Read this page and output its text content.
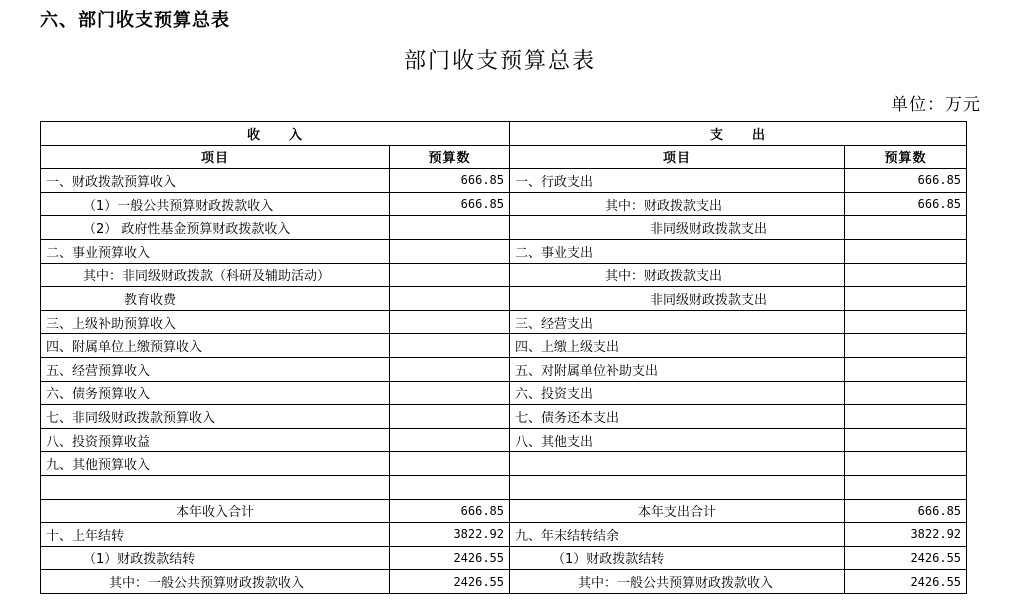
六、部门收支预算总表
部门收支预算总表
单位：万元
收　　入		支　　出	
项目	预算数	项目	预算数
一、财政拨款预算收入	666.85	一、行政支出	666.85
（1）一般公共预算财政拨款收入	666.85	其中：财政拨款支出	666.85
（2） 政府性基金预算财政拨款收入		非同级财政拨款支出	
二、事业预算收入		二、事业支出	
其中：非同级财政拨款（科研及辅助活动）		其中：财政拨款支出	
教育收费		非同级财政拨款支出	
三、上级补助预算收入		三、经营支出	
四、附属单位上缴预算收入		四、上缴上级支出	
五、经营预算收入		五、对附属单位补助支出	
六、债务预算收入		六、投资支出	
七、非同级财政拨款预算收入		七、债务还本支出	
八、投资预算收益		八、其他支出	
九、其他预算收入			

本年收入合计	666.85	本年支出合计	666.85
十、上年结转	3822.92	九、年末结转结余	3822.92
（1）财政拨款结转	2426.55	（1）财政拨款结转	2426.55
其中：一般公共预算财政拨款收入	2426.55	其中：一般公共预算财政拨款收入	2426.55
